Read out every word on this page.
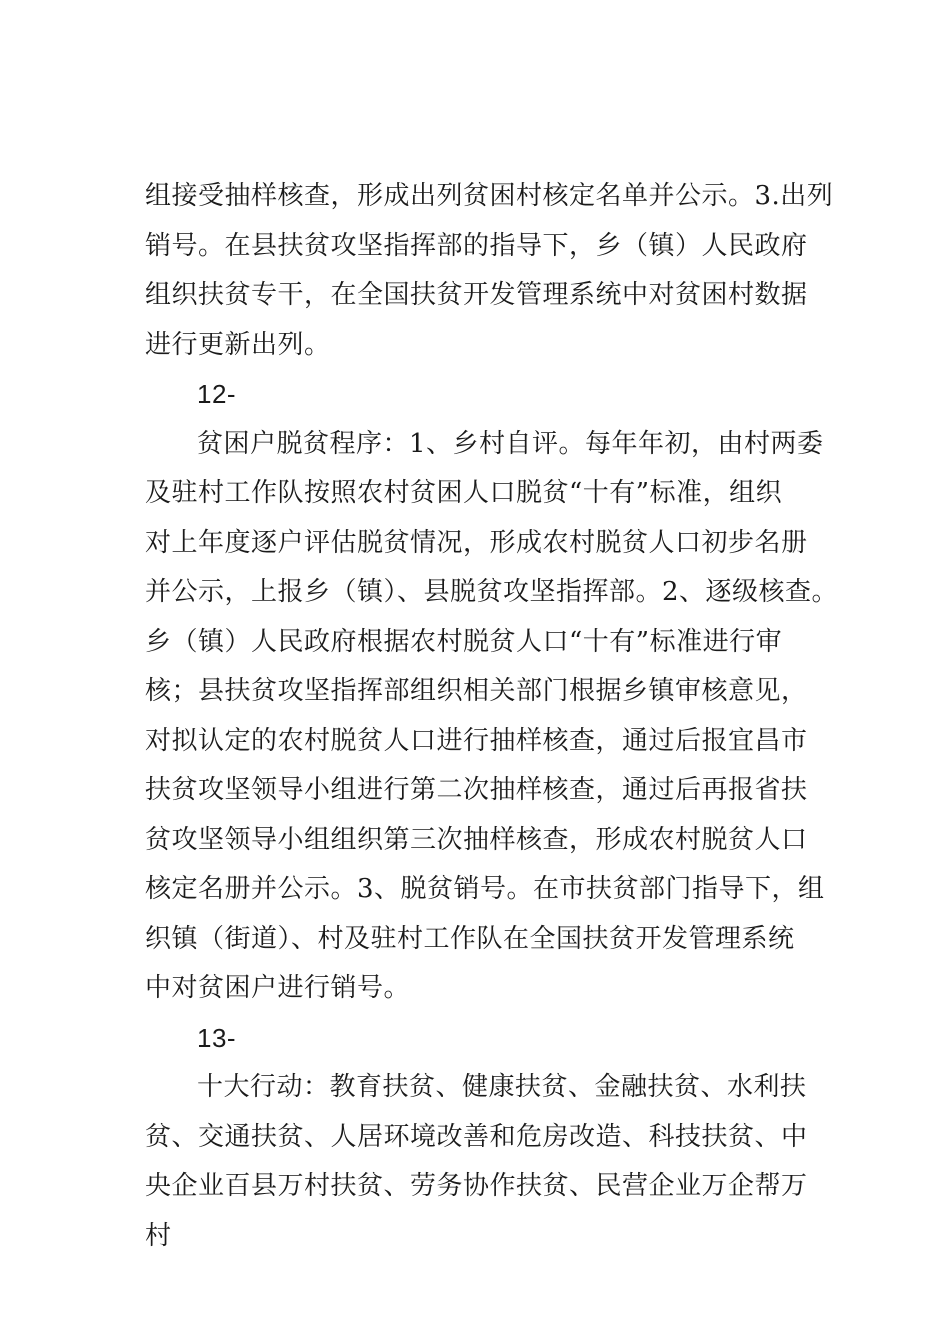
组接受抽样核查，形成出列贫困村核定名单并公示。3.出列
销号。在县扶贫攻坚指挥部的指导下，乡（镇）人民政府
组织扶贫专干，在全国扶贫开发管理系统中对贫困村数据
进行更新出列。
12-
贫困户脱贫程序：1、乡村自评。每年年初，由村两委
及驻村工作队按照农村贫困人口脱贫“十有”标准，组织
对上年度逐户评估脱贫情况，形成农村脱贫人口初步名册
并公示，上报乡（镇）、县脱贫攻坚指挥部。2、逐级核查。
乡（镇）人民政府根据农村脱贫人口“十有”标准进行审
核；县扶贫攻坚指挥部组织相关部门根据乡镇审核意见，
对拟认定的农村脱贫人口进行抽样核查，通过后报宜昌市
扶贫攻坚领导小组进行第二次抽样核查，通过后再报省扶
贫攻坚领导小组组织第三次抽样核查，形成农村脱贫人口
核定名册并公示。3、脱贫销号。在市扶贫部门指导下，组
织镇（街道）、村及驻村工作队在全国扶贫开发管理系统
中对贫困户进行销号。
13-
十大行动：教育扶贫、健康扶贫、金融扶贫、水利扶
贫、交通扶贫、人居环境改善和危房改造、科技扶贫、中
央企业百县万村扶贫、劳务协作扶贫、民营企业万企帮万
村
